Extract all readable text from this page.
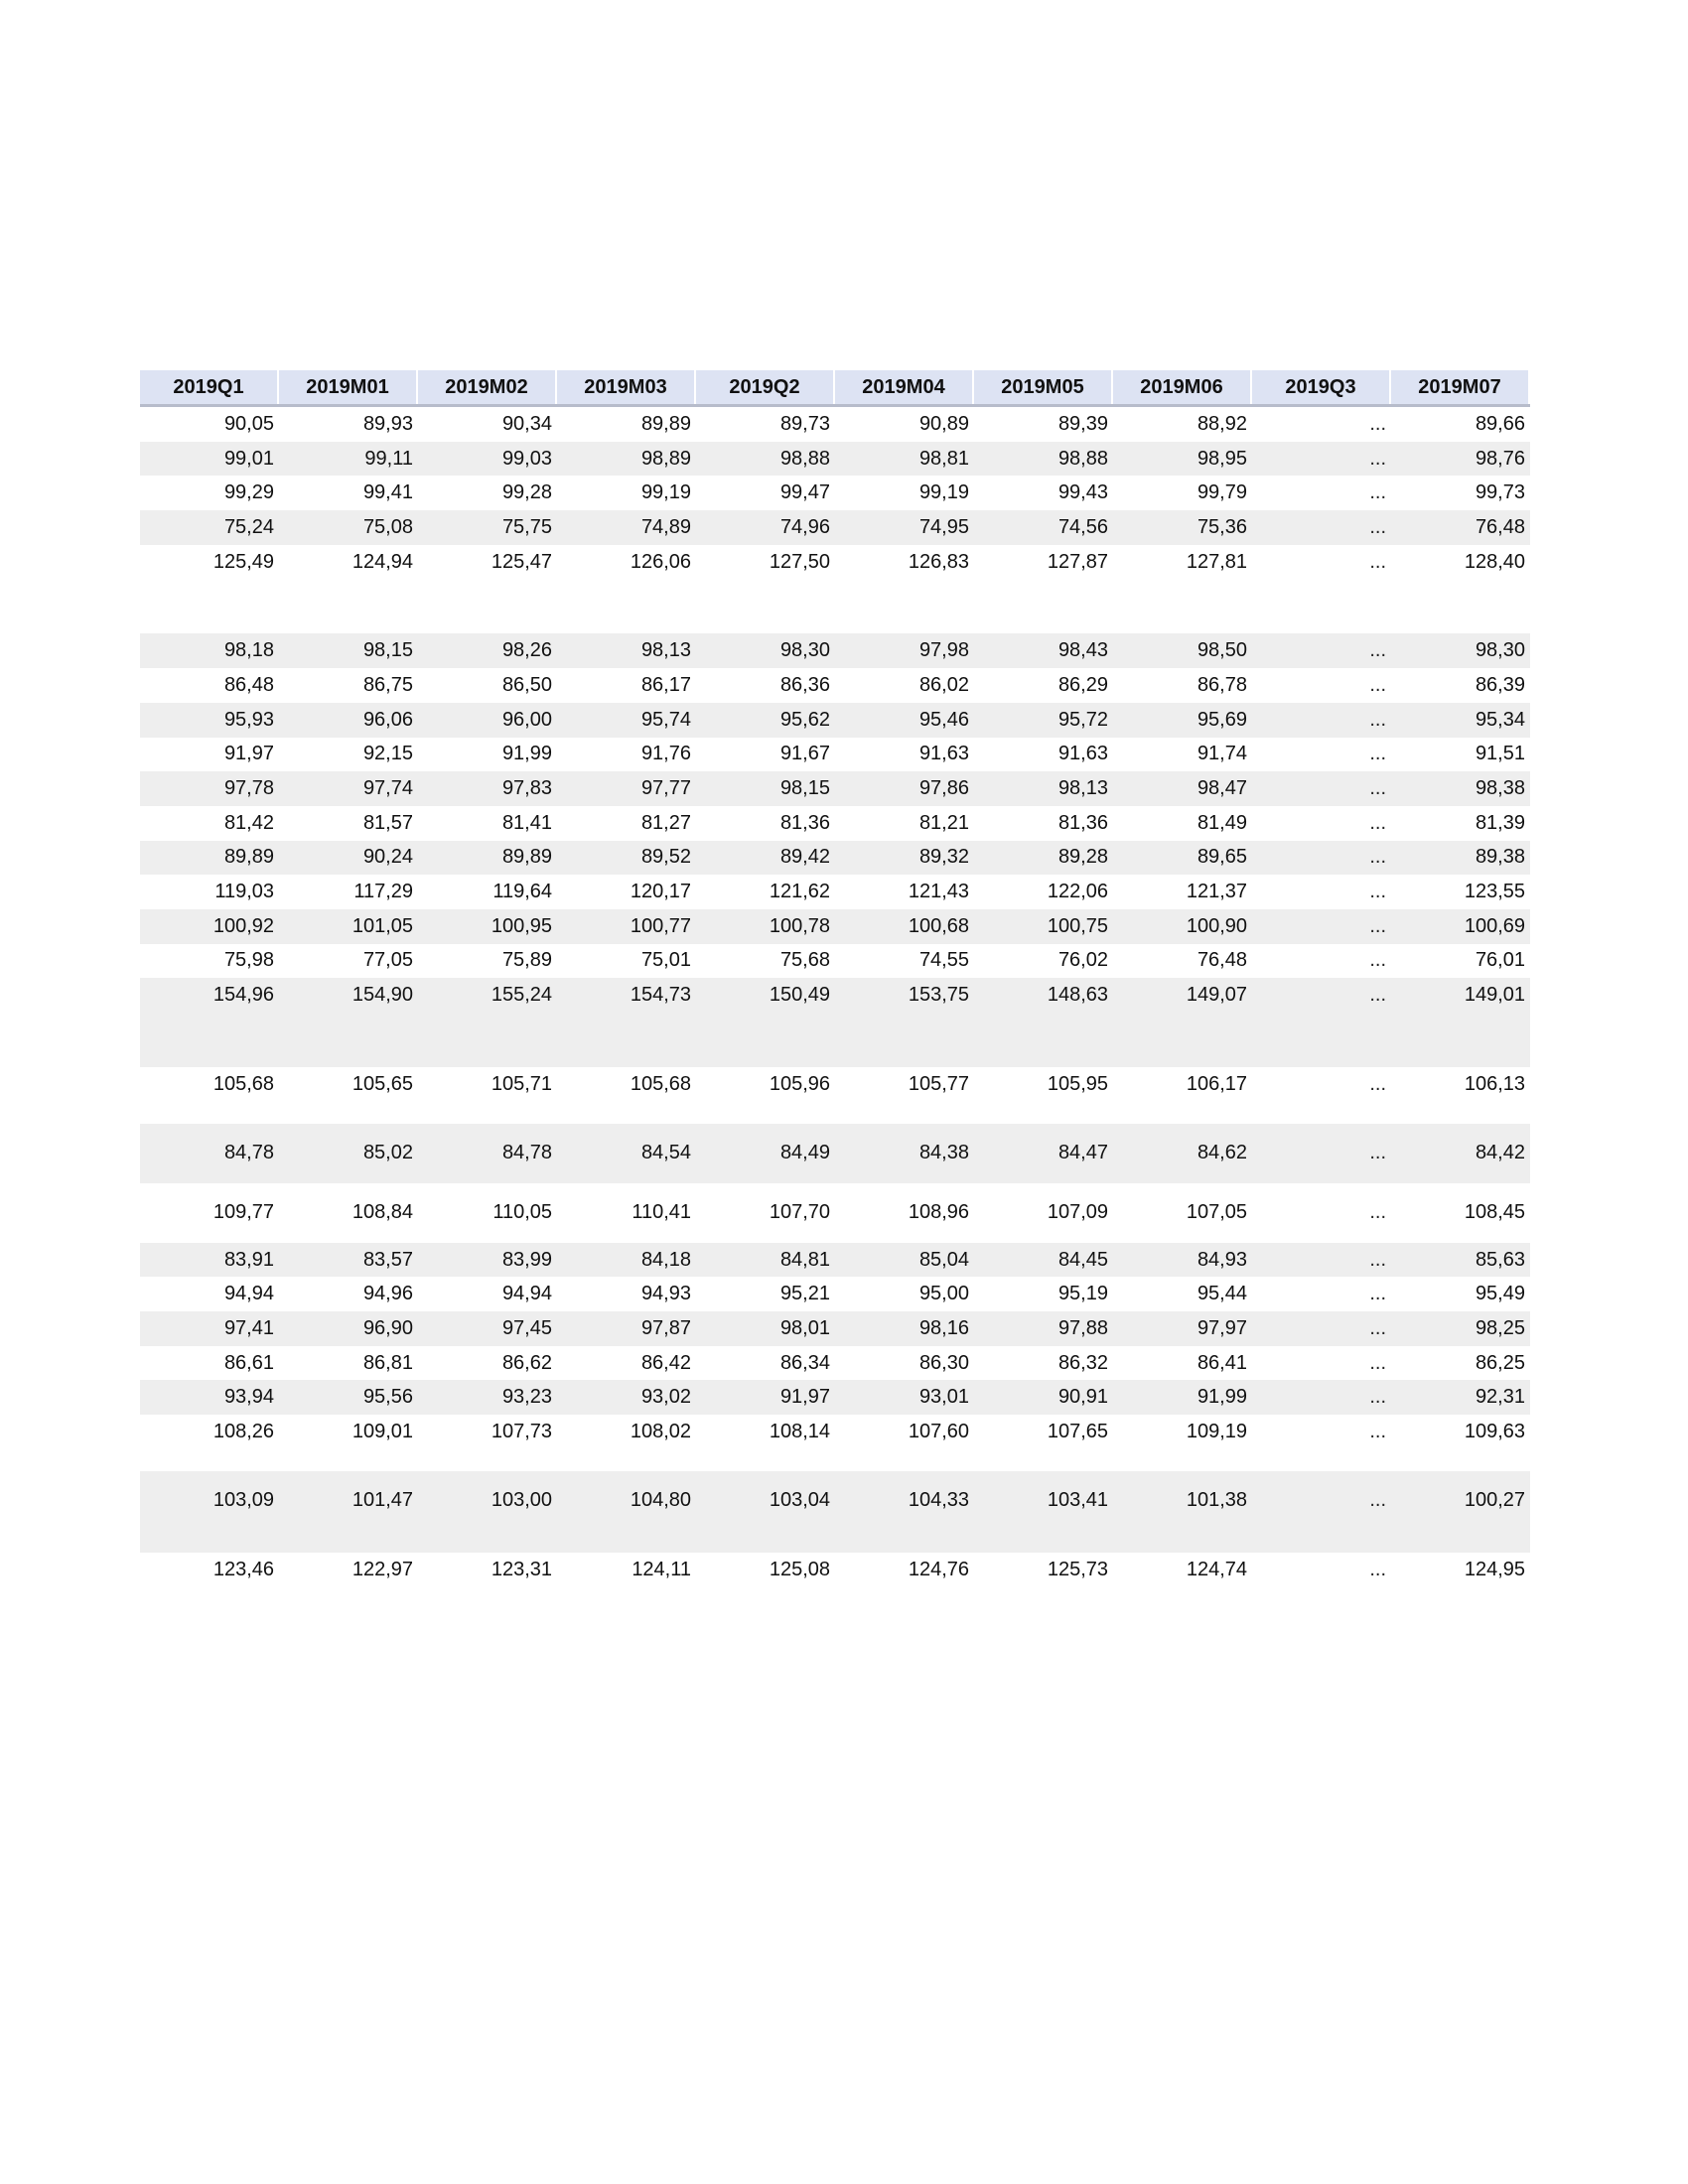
2019Q1	2019M01	2019M02	2019M03	2019Q2	2019M04	2019M05	2019M06	2019Q3	2019M07
90,05	89,93	90,34	89,89	89,73	90,89	89,39	88,92	...	89,66
99,01	99,11	99,03	98,89	98,88	98,81	98,88	98,95	...	98,76
99,29	99,41	99,28	99,19	99,47	99,19	99,43	99,79	...	99,73
75,24	75,08	75,75	74,89	74,96	74,95	74,56	75,36	...	76,48
125,49	124,94	125,47	126,06	127,50	126,83	127,87	127,81	...	128,40
98,18	98,15	98,26	98,13	98,30	97,98	98,43	98,50	...	98,30
86,48	86,75	86,50	86,17	86,36	86,02	86,29	86,78	...	86,39
95,93	96,06	96,00	95,74	95,62	95,46	95,72	95,69	...	95,34
91,97	92,15	91,99	91,76	91,67	91,63	91,63	91,74	...	91,51
97,78	97,74	97,83	97,77	98,15	97,86	98,13	98,47	...	98,38
81,42	81,57	81,41	81,27	81,36	81,21	81,36	81,49	...	81,39
89,89	90,24	89,89	89,52	89,42	89,32	89,28	89,65	...	89,38
119,03	117,29	119,64	120,17	121,62	121,43	122,06	121,37	...	123,55
100,92	101,05	100,95	100,77	100,78	100,68	100,75	100,90	...	100,69
75,98	77,05	75,89	75,01	75,68	74,55	76,02	76,48	...	76,01
154,96	154,90	155,24	154,73	150,49	153,75	148,63	149,07	...	149,01
105,68	105,65	105,71	105,68	105,96	105,77	105,95	106,17	...	106,13
84,78	85,02	84,78	84,54	84,49	84,38	84,47	84,62	...	84,42
109,77	108,84	110,05	110,41	107,70	108,96	107,09	107,05	...	108,45
83,91	83,57	83,99	84,18	84,81	85,04	84,45	84,93	...	85,63
94,94	94,96	94,94	94,93	95,21	95,00	95,19	95,44	...	95,49
97,41	96,90	97,45	97,87	98,01	98,16	97,88	97,97	...	98,25
86,61	86,81	86,62	86,42	86,34	86,30	86,32	86,41	...	86,25
93,94	95,56	93,23	93,02	91,97	93,01	90,91	91,99	...	92,31
108,26	109,01	107,73	108,02	108,14	107,60	107,65	109,19	...	109,63
103,09	101,47	103,00	104,80	103,04	104,33	103,41	101,38	...	100,27
123,46	122,97	123,31	124,11	125,08	124,76	125,73	124,74	...	124,95
